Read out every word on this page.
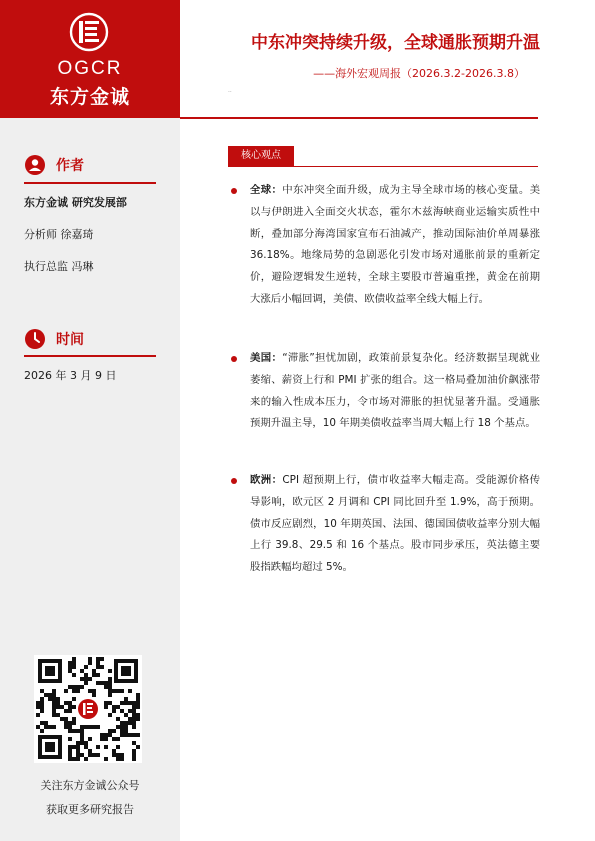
OGCR
东方金诚
作者
东方金诚 研究发展部
分析师 徐嘉琦
执行总监 冯琳
时间
2026 年 3 月 9 日
关注东方金诚公众号
获取更多研究报告
中东冲突持续升级，全球通胀预期升温
——海外宏观周报（2026.3.2-2026.3.8）
..
核心观点
全球：中东冲突全面升级，成为主导全球市场的核心变量。美以与伊朗进入全面交火状态，霍尔木兹海峡商业运输实质性中断，叠加部分海湾国家宣布石油减产，推动国际油价单周暴涨 36.18%。地缘局势的急剧恶化引发市场对通胀前景的重新定价，避险逻辑发生逆转，全球主要股市普遍重挫，黄金在前期大涨后小幅回调，美债、欧债收益率全线大幅上行。
美国：“滞胀”担忧加剧，政策前景复杂化。经济数据呈现就业萎缩、薪资上行和 PMI 扩张的组合。这一格局叠加油价飙涨带来的输入性成本压力，令市场对滞胀的担忧显著升温。受通胀预期升温主导，10 年期美债收益率当周大幅上行 18 个基点。
欧洲：CPI 超预期上行，债市收益率大幅走高。受能源价格传导影响，欧元区 2 月调和 CPI 同比回升至 1.9%，高于预期。债市反应剧烈，10 年期英国、法国、德国国债收益率分别大幅上行 39.8、29.5 和 16 个基点。股市同步承压，英法德主要股指跌幅均超过 5%。
